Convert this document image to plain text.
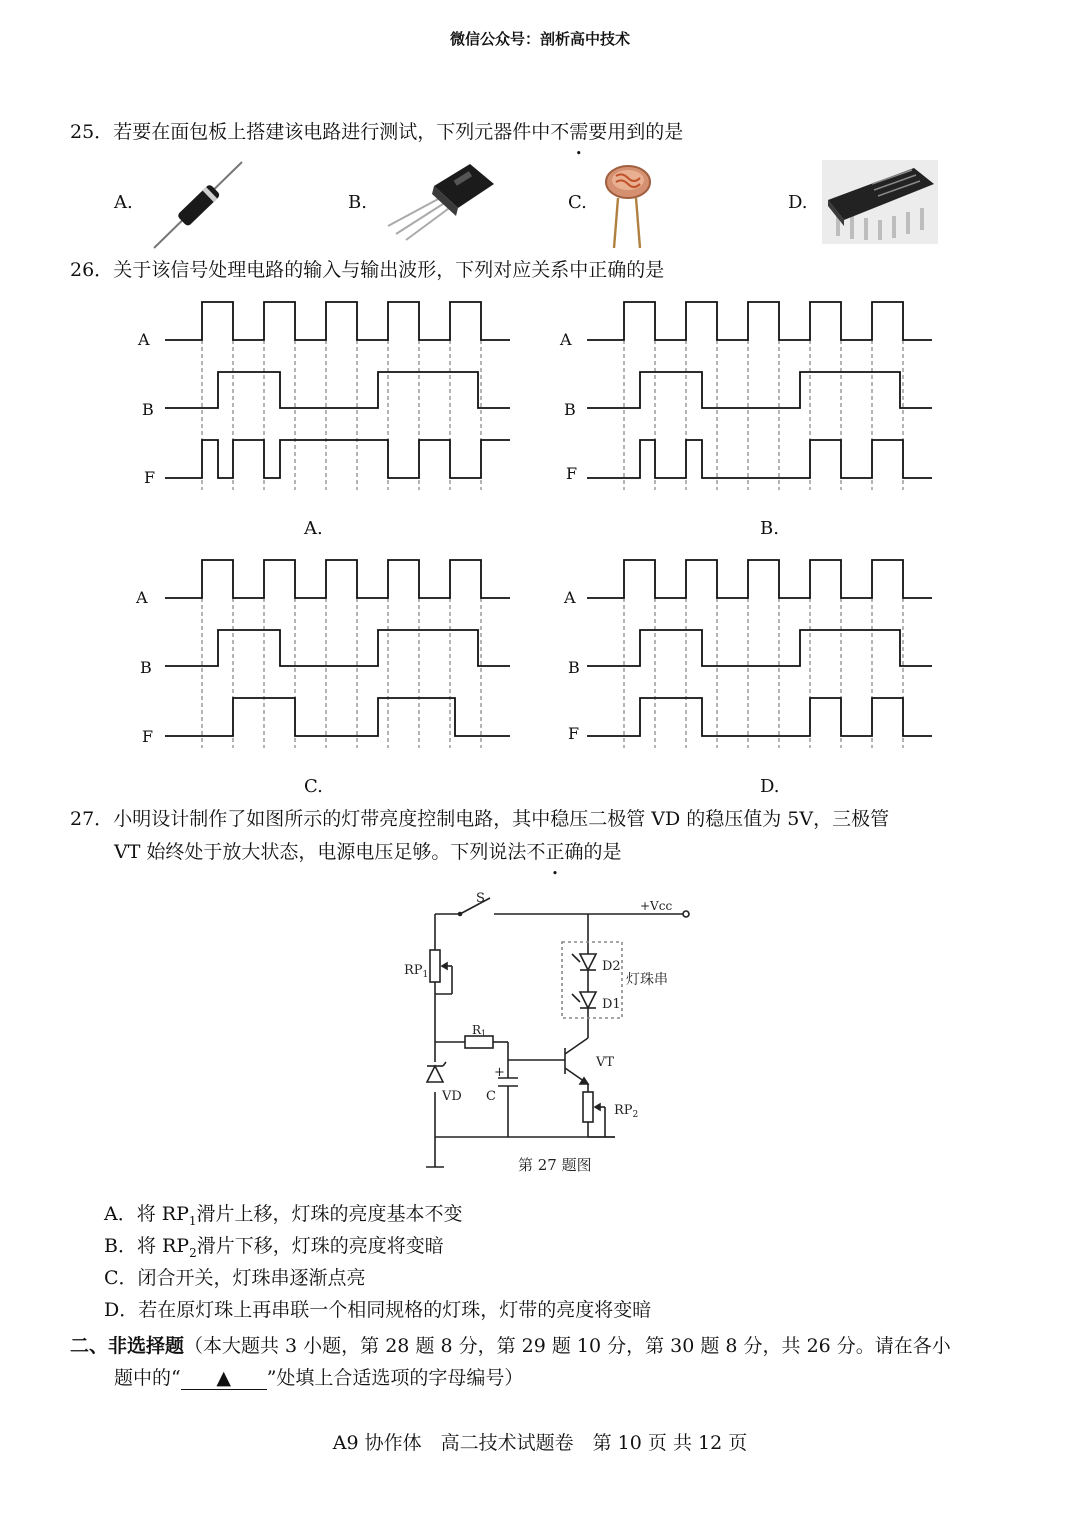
微信公众号：剖析高中技术
25．若要在面包板上搭建该电路进行测试，下列元器件中不需要用到的是
A.	B.	C.	D.
26．关于该信号处理电路的输入与输出波形，下列对应关系中正确的是
A
B
F
A
B
F
A
B
F
A
B
F
A.	B.
C.	D.
27．小明设计制作了如图所示的灯带亮度控制电路，其中稳压二极管 VD 的稳压值为 5V，三极管
VT 始终处于放大状态，电源电压足够。下列说法不正确的是
S	+Vcc
$RP_1$
D2
D1
灯珠串
R1
VT
+
VD C
$RP_2$
第 27 题图
A．将 $RP_1$滑片上移，灯珠的亮度基本不变
B．将 $RP_2$滑片下移，灯珠的亮度将变暗
C．闭合开关，灯珠串逐渐点亮
D．若在原灯珠上再串联一个相同规格的灯珠，灯带的亮度将变暗
二、非选择题（本大题共 3 小题，第 28 题 8 分，第 29 题 10 分，第 30 题 8 分，共 26 分。请在各小
题中的“ ▲ ”处填上合适选项的字母编号）
A9 协作体　高二技术试题卷　第 10 页 共 12 页
